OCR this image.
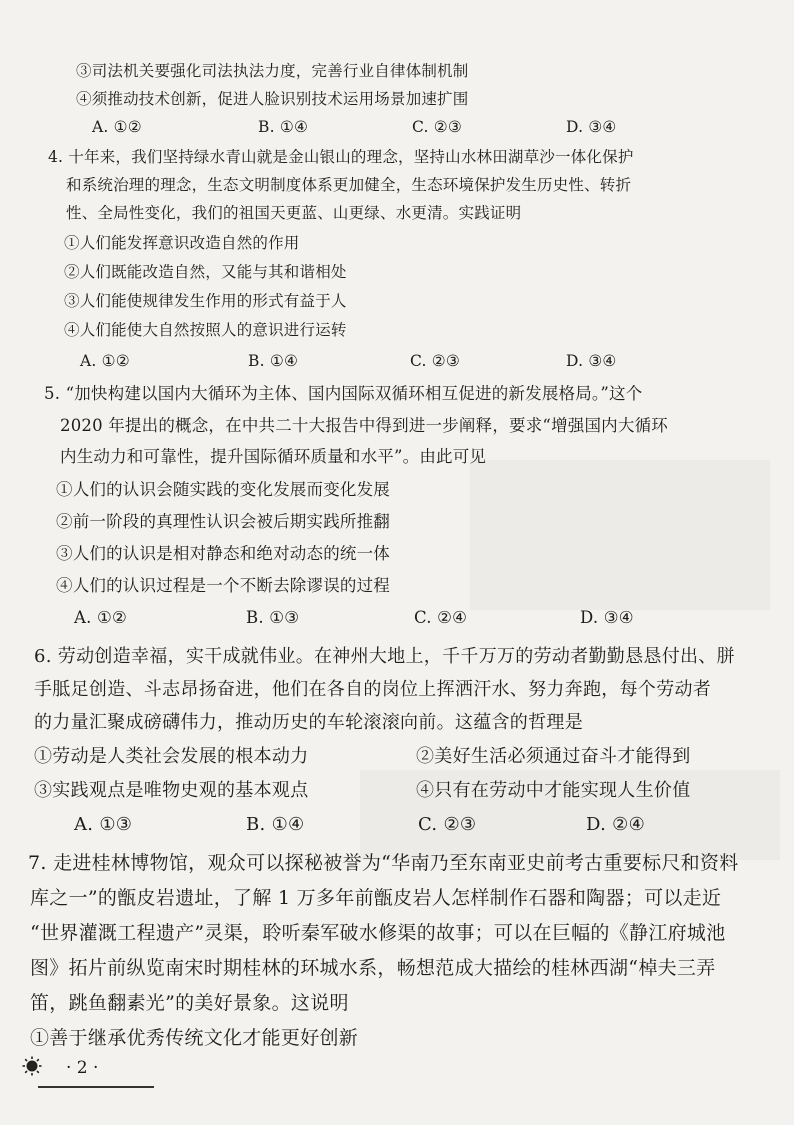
③司法机关要强化司法执法力度，完善行业自律体制机制
④须推动技术创新，促进人脸识别技术运用场景加速扩围
A. ①②	B. ①④	C. ②③	D. ③④
4. 十年来，我们坚持绿水青山就是金山银山的理念，坚持山水林田湖草沙一体化保护
和系统治理的理念，生态文明制度体系更加健全，生态环境保护发生历史性、转折
性、全局性变化，我们的祖国天更蓝、山更绿、水更清。实践证明
①人们能发挥意识改造自然的作用
②人们既能改造自然，又能与其和谐相处
③人们能使规律发生作用的形式有益于人
④人们能使大自然按照人的意识进行运转
A. ①②	B. ①④	C. ②③	D. ③④
5. “加快构建以国内大循环为主体、国内国际双循环相互促进的新发展格局。”这个
2020 年提出的概念，在中共二十大报告中得到进一步阐释，要求“增强国内大循环
内生动力和可靠性，提升国际循环质量和水平”。由此可见
①人们的认识会随实践的变化发展而变化发展
②前一阶段的真理性认识会被后期实践所推翻
③人们的认识是相对静态和绝对动态的统一体
④人们的认识过程是一个不断去除谬误的过程
A. ①②	B. ①③	C. ②④	D. ③④
6. 劳动创造幸福，实干成就伟业。在神州大地上，千千万万的劳动者勤勤恳恳付出、胼
手胝足创造、斗志昂扬奋进，他们在各自的岗位上挥洒汗水、努力奔跑，每个劳动者
的力量汇聚成磅礴伟力，推动历史的车轮滚滚向前。这蕴含的哲理是
①劳动是人类社会发展的根本动力	②美好生活必须通过奋斗才能得到
③实践观点是唯物史观的基本观点	④只有在劳动中才能实现人生价值
A. ①③	B. ①④	C. ②③	D. ②④
7. 走进桂林博物馆，观众可以探秘被誉为“华南乃至东南亚史前考古重要标尺和资料
库之一”的甑皮岩遗址，了解 1 万多年前甑皮岩人怎样制作石器和陶器；可以走近
“世界灌溉工程遗产”灵渠，聆听秦军破水修渠的故事；可以在巨幅的《静江府城池
图》拓片前纵览南宋时期桂林的环城水系，畅想范成大描绘的桂林西湖“棹夫三弄
笛，跳鱼翻素光”的美好景象。这说明
①善于继承优秀传统文化才能更好创新
· 2 ·
